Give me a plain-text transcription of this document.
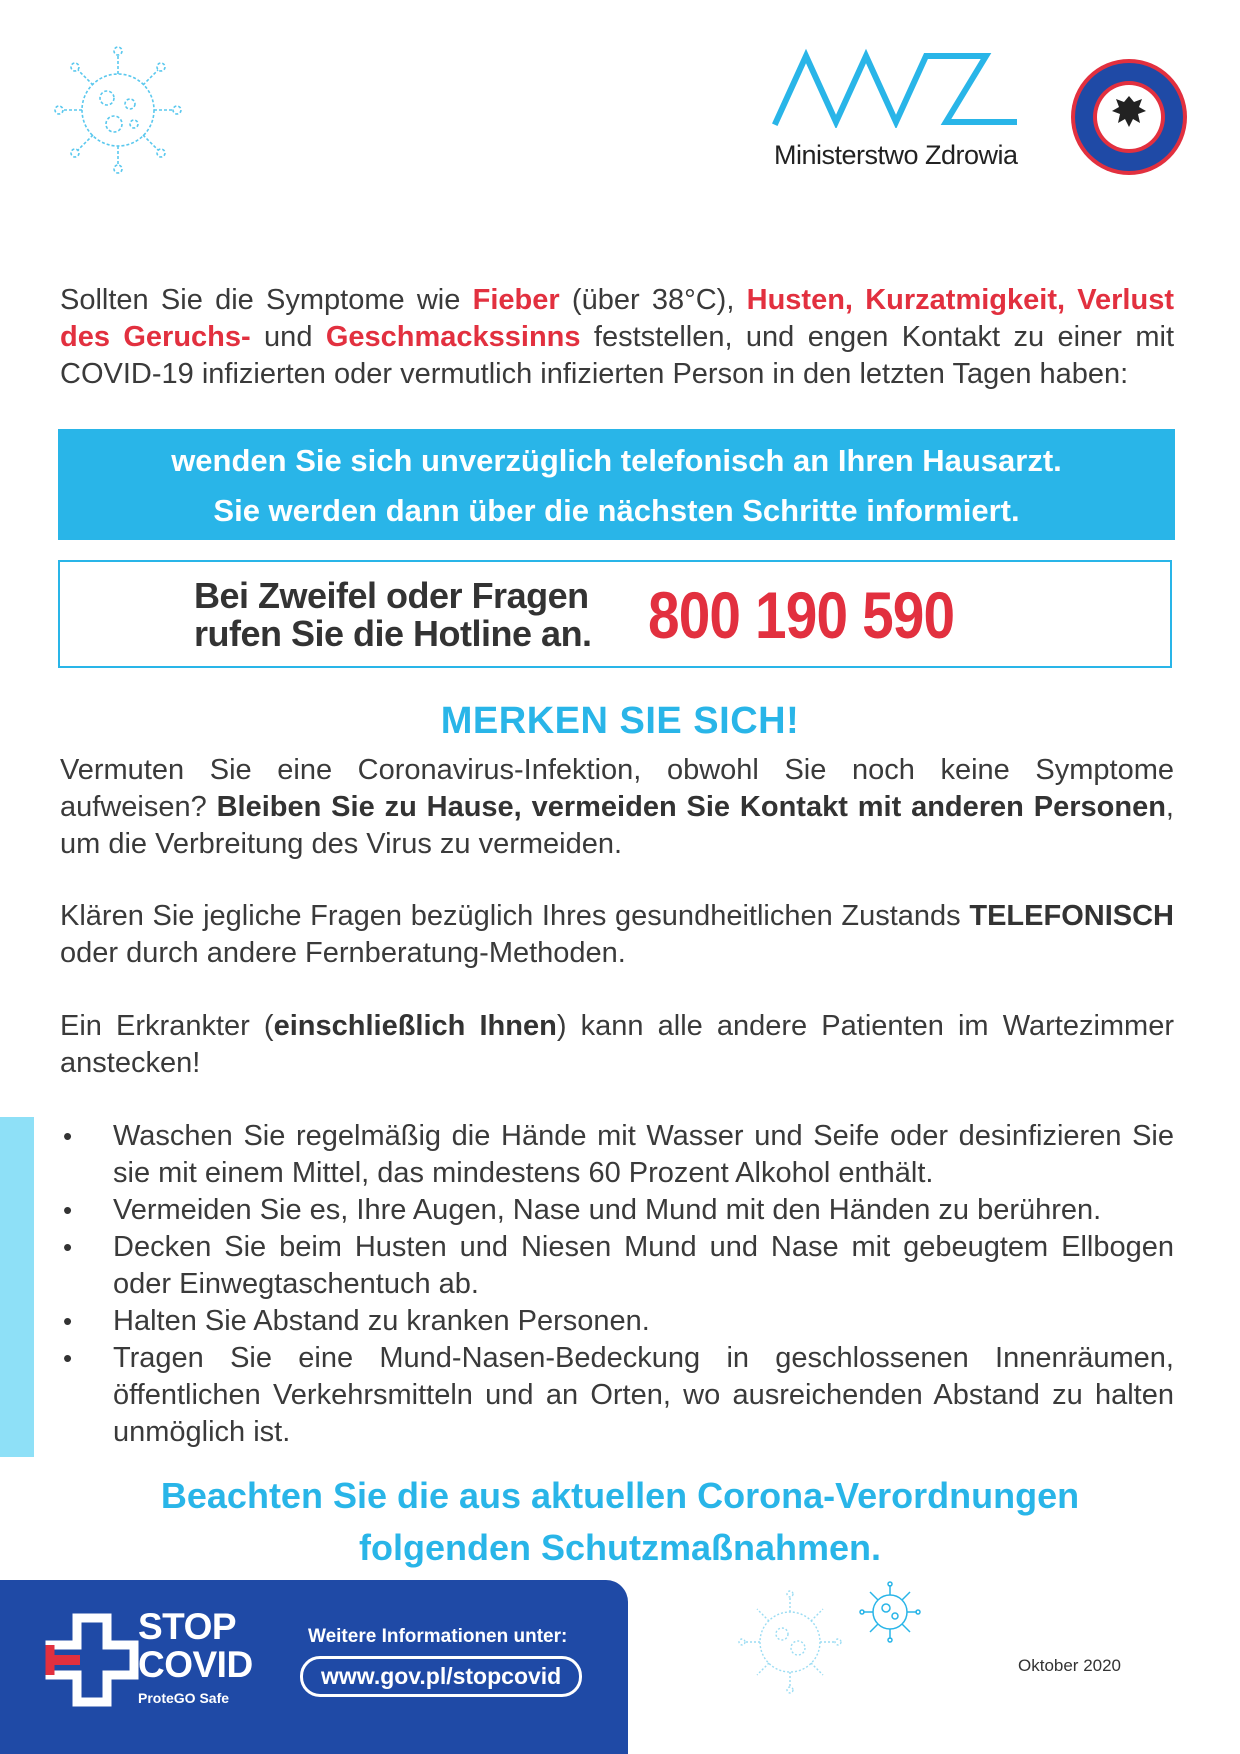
Ministerstwo Zdrowia

Sollten Sie die Symptome wie Fieber (über 38°C), Husten, Kurzatmigkeit, Verlust des Geruchs- und Geschmackssinns feststellen, und engen Kontakt zu einer mit COVID-19 infizierten oder vermutlich infizierten Person in den letzten Tagen haben:

wenden Sie sich unverzüglich telefonisch an Ihren Hausarzt.
Sie werden dann über die nächsten Schritte informiert.
Bei Zweifel oder Fragen
rufen Sie die Hotline an. 800 190 590
MERKEN SIE SICH!
Vermuten Sie eine Coronavirus-Infektion, obwohl Sie noch keine Symptome aufweisen? Bleiben Sie zu Hause, vermeiden Sie Kontakt mit anderen Personen, um die Verbreitung des Virus zu vermeiden.
Klären Sie jegliche Fragen bezüglich Ihres gesundheitlichen Zustands TELEFONISCH oder durch andere Fernberatung-Methoden.
Ein Erkrankter (einschließlich Ihnen) kann alle andere Patienten im Wartezimmer anstecken!
• Waschen Sie regelmäßig die Hände mit Wasser und Seife oder desinfizieren Sie sie mit einem Mittel, das mindestens 60 Prozent Alkohol enthält.
• Vermeiden Sie es, Ihre Augen, Nase und Mund mit den Händen zu berühren.
• Decken Sie beim Husten und Niesen Mund und Nase mit gebeugtem Ellbogen oder Einwegtaschentuch ab.
• Halten Sie Abstand zu kranken Personen.
• Tragen Sie eine Mund-Nasen-Bedeckung in geschlossenen Innenräumen, öffentlichen Verkehrsmitteln und an Orten, wo ausreichenden Abstand zu halten unmöglich ist.
Beachten Sie die aus aktuellen Corona-Verordnungen
folgenden Schutzmaßnahmen.
STOP
COVID
ProteGO Safe
Weitere Informationen unter:
www.gov.pl/stopcovid	Oktober 2020
